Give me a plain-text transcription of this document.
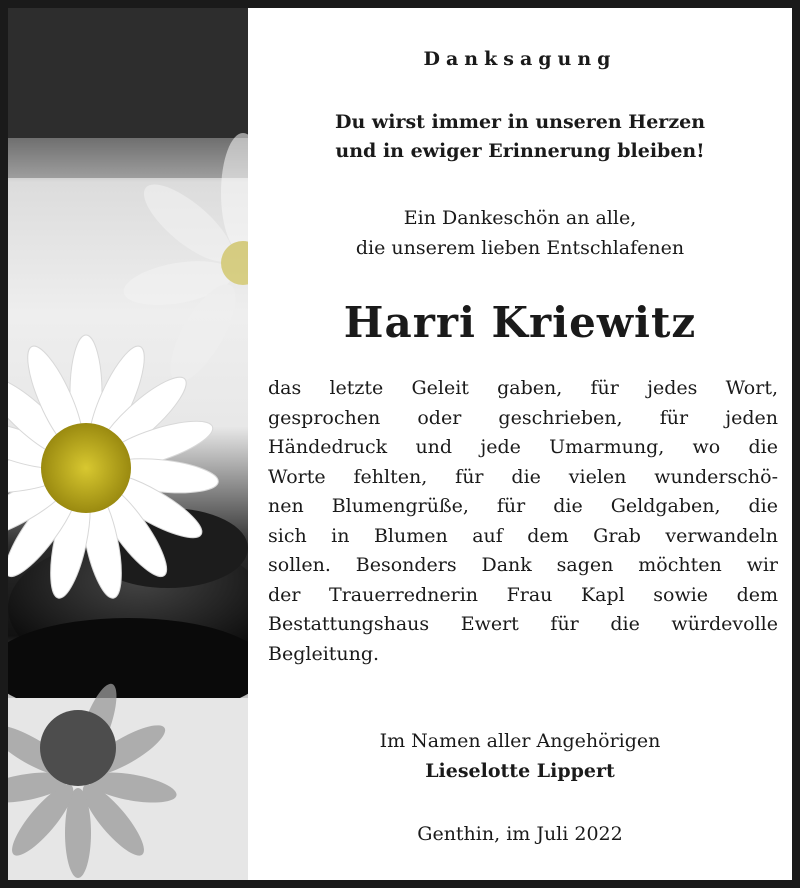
Danksagung
Du wirst immer in unseren Herzen
und in ewiger Erinnerung bleiben!
Ein Dankeschön an alle,
die unserem lieben Entschlafenen
Harri Kriewitz
das letzte Geleit gaben, für jedes Wort,
gesprochen oder geschrieben, für jeden
Händedruck und jede Umarmung, wo die
Worte fehlten, für die vielen wunderschö-
nen Blumengrüße, für die Geldgaben, die
sich in Blumen auf dem Grab verwandeln
sollen. Besonders Dank sagen möchten wir
der Trauerrednerin Frau Kapl sowie dem
Bestattungshaus Ewert für die würdevolle
Begleitung.
Im Namen aller Angehörigen
Lieselotte Lippert
Genthin, im Juli 2022
